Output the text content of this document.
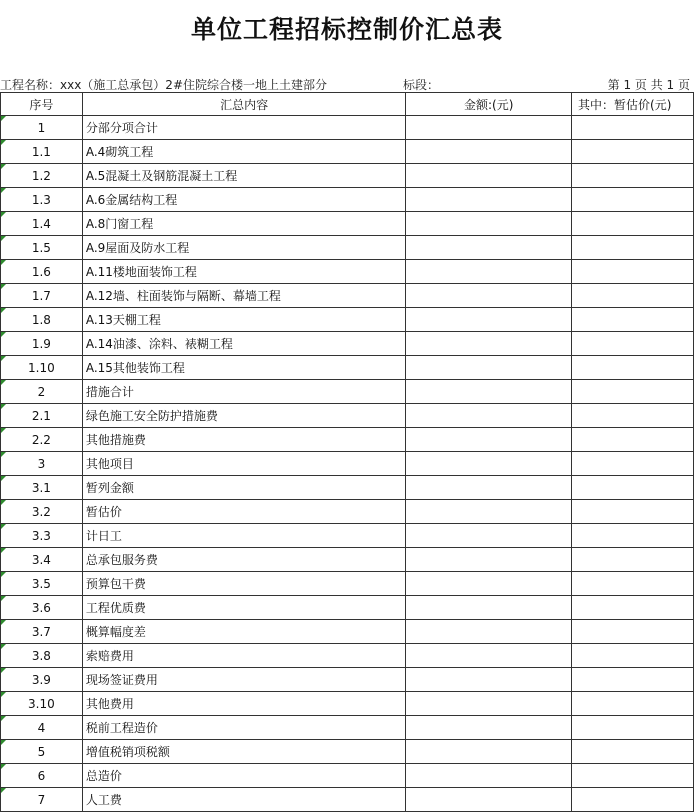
单位工程招标控制价汇总表
工程名称：xxx（施工总承包）2#住院综合楼一地上土建部分	标段：	第 1 页 共 1 页
序号	汇总内容	金额:(元)	其中：暂估价(元)

1	分部分项合计		

1.1	A.4砌筑工程		

1.2	A.5混凝土及钢筋混凝土工程		

1.3	A.6金属结构工程		

1.4	A.8门窗工程		

1.5	A.9屋面及防水工程		

1.6	A.11楼地面装饰工程		

1.7	A.12墙、柱面装饰与隔断、幕墙工程		

1.8	A.13天棚工程		

1.9	A.14油漆、涂料、裱糊工程		

1.10	A.15其他装饰工程		

2	措施合计		

2.1	绿色施工安全防护措施费		

2.2	其他措施费		

3	其他项目		

3.1	暂列金额		

3.2	暂估价		

3.3	计日工		

3.4	总承包服务费		

3.5	预算包干费		

3.6	工程优质费		

3.7	概算幅度差		

3.8	索赔费用		

3.9	现场签证费用		

3.10	其他费用		

4	税前工程造价		

5	增值税销项税额		

6	总造价		

7	人工费		
